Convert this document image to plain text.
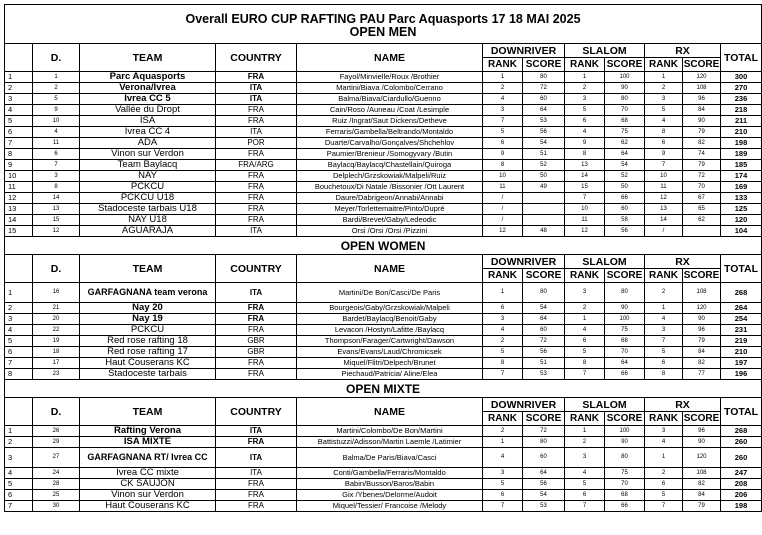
Overall EURO CUP RAFTING PAU Parc Aquasports 17 18 MAI 2025
OPEN MEN											

	D.	TEAM	COUNTRY	NAME	DOWNRIVER		SLALOM		RX		TOTAL
					RANK	SCORE	RANK	SCORE	RANK	SCORE	
1	1	Parc Aquasports	FRA	Fayol/Minvielle/Roux /Brothier	1	80	1	100	1	120	300
2	2	Verona/Ivrea	ITA	Martini/Biava /Colombo/Cerrano	2	72	2	90	2	108	270
3	5	Ivrea CC 5	ITA	Balma/Biava/Ciardullo/Guenno	4	60	3	80	3	96	236
4	9	Vallée du Dropt	FRA	Cain/Roso /Auneau /Coat /Lesimple	3	64	5	70	5	84	218
5	10	ISA	FRA	Ruiz /Ingrat/Saut Dickens/Detheve	7	53	6	68	4	90	211
6	4	Ivrea CC 4	ITA	Ferraris/Gambella/Beltrando/Montaldo	5	56	4	75	8	79	210
7	11	ADA	POR	Duarte/Carvalho/Gonçalves/Shchehlov	6	54	9	62	6	82	198
8	6	Vinon sur Verdon	FRA	Paumier/Brenieur /Somogyvary /Butin	9	51	8	64	9	74	189
9	7	Team Baylacq	FRA/ARG	Baylacq/Baylacq/Chastellain/Quiroga	8	52	13	54	7	79	185
10	3	NAY	FRA	Delplech/Grzskowiak/Malpeli/Ruiz	10	50	14	52	10	72	174
11	8	PCKCU	FRA	Bouchetoux/Di Natale /Bissonier /Ott Laurent	11	49	15	50	11	70	169
12	14	PCKCU U18	FRA	Daure/Dabrigeon/Annabi/Annabi	/		7	66	12	67	133
13	13	Stadoceste tarbais U18	FRA	Meyer/Torlettemaitre/Pinto/Dupré	/		10	60	13	65	125
14	15	NAY U18	FRA	Bardi/Brevet/Gaby/Ledeodic	/		11	58	14	62	120
15	12	AGUARAJA	ITA	Orsi /Orsi /Orsi /Pizzini	12	48	12	56	/		104
OPEN WOMEN											
	D.	TEAM	COUNTRY	NAME	DOWNRIVER		SLALOM		RX		TOTAL
					RANK	SCORE	RANK	SCORE	RANK	SCORE	
1	16	GARFAGNANA team verona	ITA	Martini/De Bon/Casci/De Paris	1	80	3	80	2	108	268
2	21	Nay 20	FRA	Bourgeois/Gaby/Grzskowiak/Malpeli	6	54	2	90	1	120	264
3	20	Nay 19	FRA	Bardet/Baylacq/Benoit/Gaby	3	64	1	100	4	90	254
4	22	PCKCU	FRA	Levacon /Hostyn/Lafitte /Baylacq	4	60	4	75	3	96	231
5	19	Red rose rafting 18	GBR	Thompson/Farager/Cartwright/Dawson	2	72	6	68	7	79	219
6	18	Red rose rafting 17	GBR	Evans/Evans/Laud/Chromicsek	5	56	5	70	5	84	210
7	17	Haut Couserans KC	FRA	Miquel/Flitri/Delpech/Brunet	8	51	8	64	6	82	197
8	23	Stadoceste tarbais	FRA	Piechaud/Patricia/ Aline/Elea	7	53	7	66	8	77	196
OPEN MIXTE											
	D.	TEAM	COUNTRY	NAME	DOWNRIVER		SLALOM		RX		TOTAL
					RANK	SCORE	RANK	SCORE	RANK	SCORE	
1	26	Rafting Verona	ITA	Martini/Colombo/De Bon/Martini	2	72	1	100	3	96	268
2	29	ISA MIXTE	FRA	Battistuzzi/Adisson/Martin Laemle /Latimier	1	80	2	90	4	90	260
3	27	GARFAGNANA RT/ Ivrea CC	ITA	Balma/De Paris/Biava/Casci	4	60	3	80	1	120	260
4	24	Ivrea CC mixte	ITA	Conti/Gambella/Ferraris/Montaldo	3	64	4	75	2	108	247
5	28	CK SAUJON	FRA	Babin/Busson/Baros/Babin	5	56	5	70	6	82	208
6	25	Vinon sur Verdon	FRA	Gix /Ybenes/Delorme/Audoit	6	54	6	68	5	84	206
7	30	Haut Couserans KC	FRA	Miquel/Tessier/ Francoise /Melody	7	53	7	66	7	79	198
